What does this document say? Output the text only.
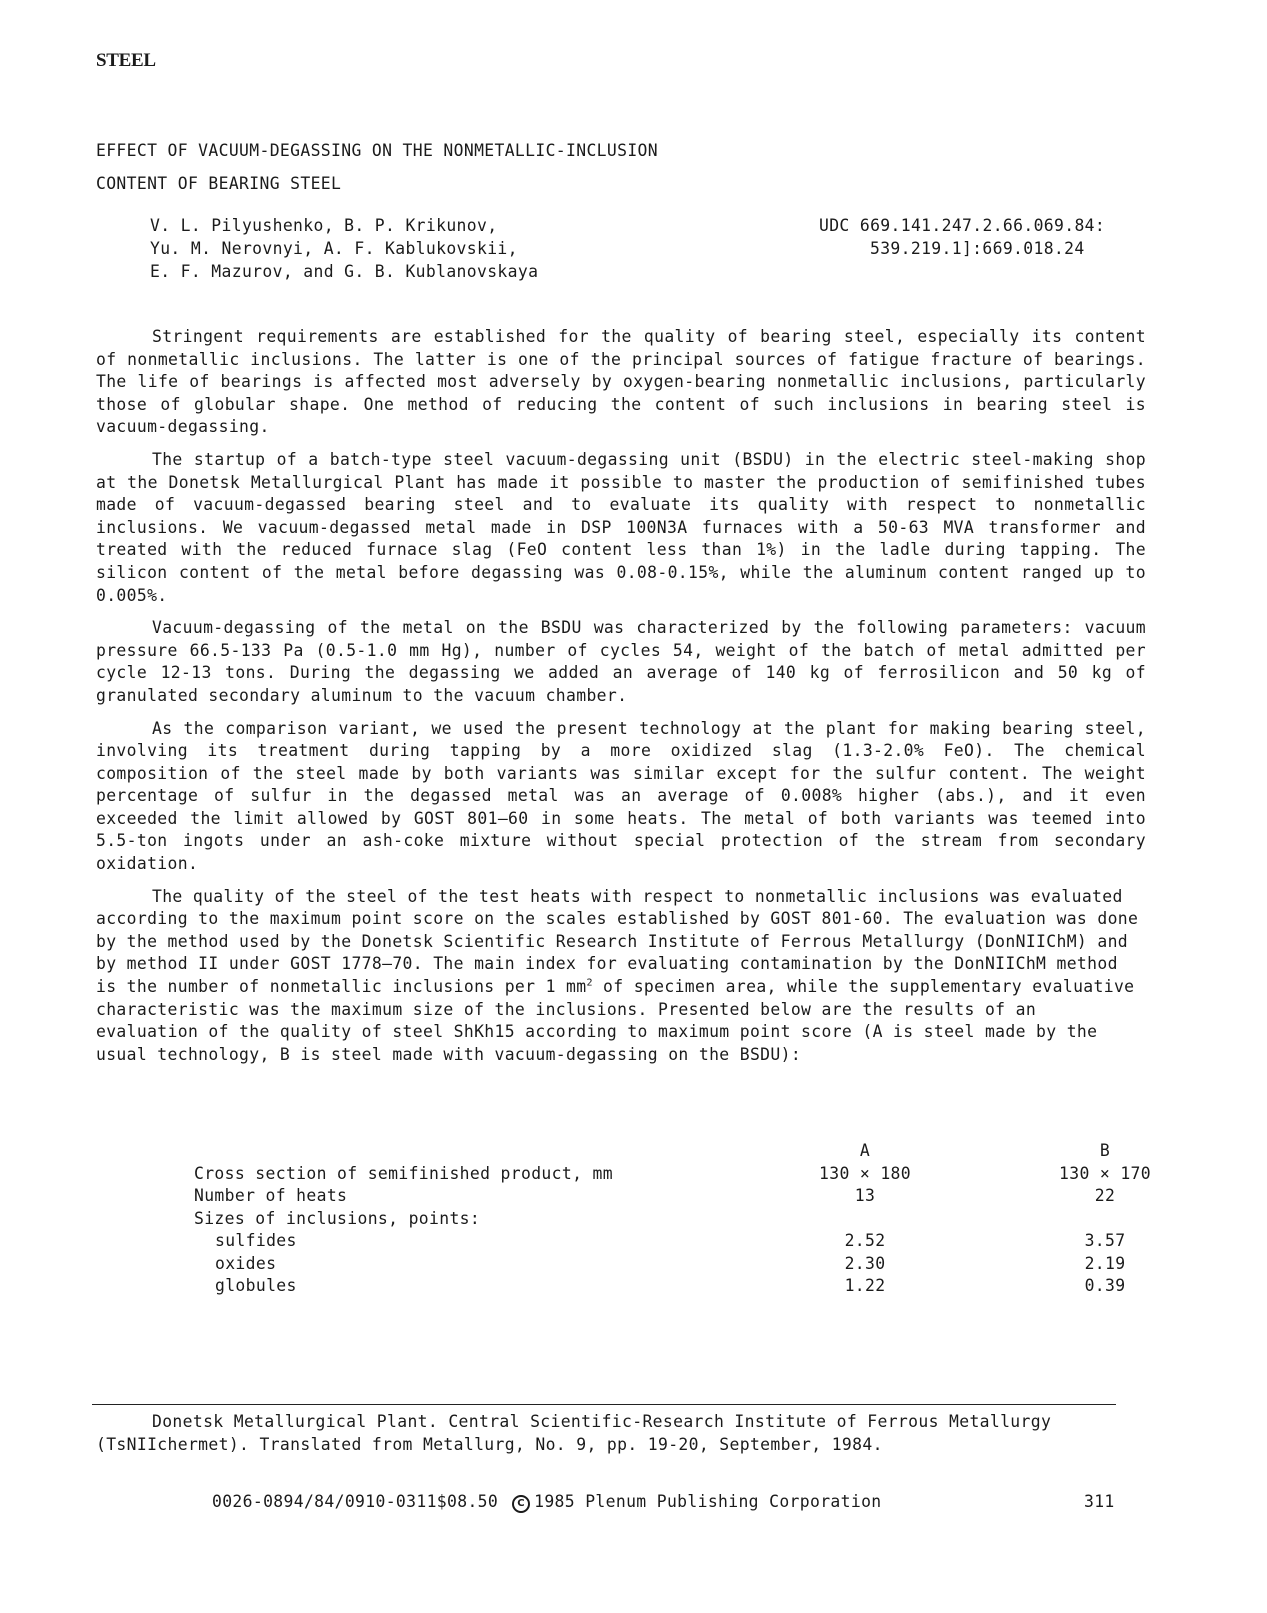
STEEL
EFFECT OF VACUUM-DEGASSING ON THE NONMETALLIC-INCLUSION
CONTENT OF BEARING STEEL
V. L. Pilyushenko, B. P. Krikunov,
Yu. M. Nerovnyi, A. F. Kablukovskii,
E. F. Mazurov, and G. B. Kublanovskaya
UDC 669.141.247.2.66.069.84:
539.219.1]:669.018.24

Stringent requirements are established for the quality of bearing steel, especially its content of nonmetallic inclusions. The latter is one of the principal sources of fatigue fracture of bearings. The life of bearings is affected most adversely by oxygen-bearing nonmetallic inclusions, particularly those of globular shape. One method of reducing the content of such inclusions in bearing steel is vacuum-degassing.

The startup of a batch-type steel vacuum-degassing unit (BSDU) in the electric steel-making shop at the Donetsk Metallurgical Plant has made it possible to master the production of semifinished tubes made of vacuum-degassed bearing steel and to evaluate its quality with respect to nonmetallic inclusions. We vacuum-degassed metal made in DSP 100N3A furnaces with a 50-63 MVA transformer and treated with the reduced furnace slag (FeO content less than 1%) in the ladle during tapping. The silicon content of the metal before degassing was 0.08-0.15%, while the aluminum content ranged up to 0.005%.

Vacuum-degassing of the metal on the BSDU was characterized by the following parameters: vacuum pressure 66.5-133 Pa (0.5-1.0 mm Hg), number of cycles 54, weight of the batch of metal admitted per cycle 12-13 tons. During the degassing we added an average of 140 kg of ferrosilicon and 50 kg of granulated secondary aluminum to the vacuum chamber.

As the comparison variant, we used the present technology at the plant for making bearing steel, involving its treatment during tapping by a more oxidized slag (1.3-2.0% FeO). The chemical composition of the steel made by both variants was similar except for the sulfur content. The weight percentage of sulfur in the degassed metal was an average of 0.008% higher (abs.), and it even exceeded the limit allowed by GOST 801—60 in some heats. The metal of both variants was teemed into 5.5-ton ingots under an ash-coke mixture without special protection of the stream from secondary oxidation.

The quality of the steel of the test heats with respect to nonmetallic inclusions was evaluated according to the maximum point score on the scales established by GOST 801-60. The evaluation was done by the method used by the Donetsk Scientific Research Institute of Ferrous Metallurgy (DonNIIChM) and by method II under GOST 1778—70. The main index for evaluating contamination by the DonNIIChM method is the number of nonmetallic inclusions per 1 $mm^2$ of specimen area, while the supplementary evaluative characteristic was the maximum size of the inclusions. Presented below are the results of an evaluation of the quality of steel ShKh15 according to maximum point score (A is steel made by the usual technology, B is steel made with vacuum-degassing on the BSDU):

	A	B
Cross section of semifinished product, mm	130 × 180	130 × 170
Number of heats	13	22
Sizes of inclusions, points:		
sulfides	2.52	3.57
oxides	2.30	2.19
globules	1.22	0.39
Donetsk Metallurgical Plant. Central Scientific-Research Institute of Ferrous Metallurgy
(TsNIIchermet). Translated from Metallurg, No. 9, pp. 19-20, September, 1984.
0026-0894/84/0910-0311$08.50 C 1985 Plenum Publishing Corporation	311
